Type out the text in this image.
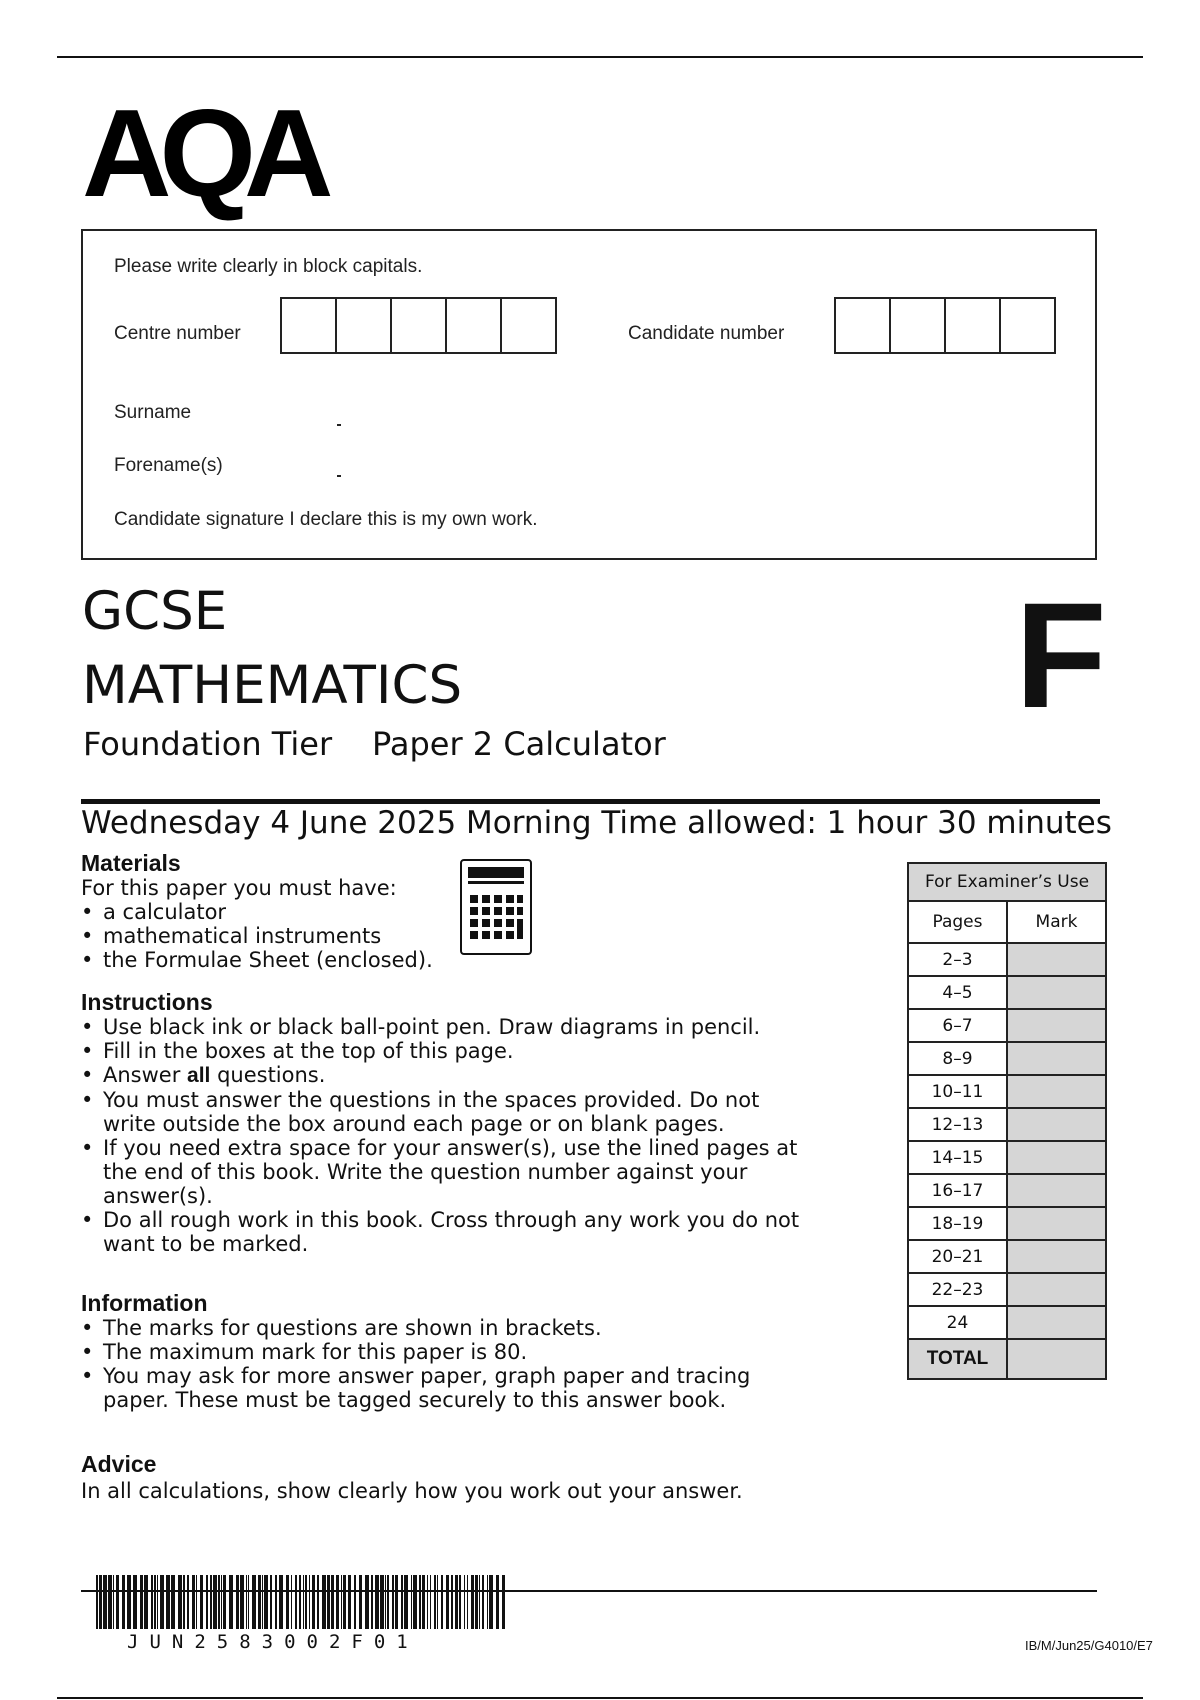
AQA
Please write clearly in block capitals.
Centre number	Candidate number
Surname
Forename(s)
Candidate signature I declare this is my own work.
GCSE
MATHEMATICS
Foundation Tier Paper 2 Calculator
F
Wednesday 4 June 2025 Morning Time allowed: 1 hour 30 minutes
Materials
For this paper you must have:
• a calculator
• mathematical instruments
• the Formulae Sheet (enclosed).
Instructions
• Use black ink or black ball-point pen. Draw diagrams in pencil.
• Fill in the boxes at the top of this page.
• Answer all questions.
• You must answer the questions in the spaces provided. Do not write outside the box around each page or on blank pages.
• If you need extra space for your answer(s), use the lined pages at the end of this book. Write the question number against your answer(s).
• Do all rough work in this book. Cross through any work you do not want to be marked.
Information
• The marks for questions are shown in brackets.
• The maximum mark for this paper is 80.
• You may ask for more answer paper, graph paper and tracing paper. These must be tagged securely to this answer book.
Advice
In all calculations, show clearly how you work out your answer.
For Examiner’s Use	
Pages	Mark
2–3	
4–5	
6–7	
8–9	
10–11	
12–13	
14–15	
16–17	
18–19	
20–21	
22–23	
24	
TOTAL	
JUN2583002F01	IB/M/Jun25/G4010/E7
